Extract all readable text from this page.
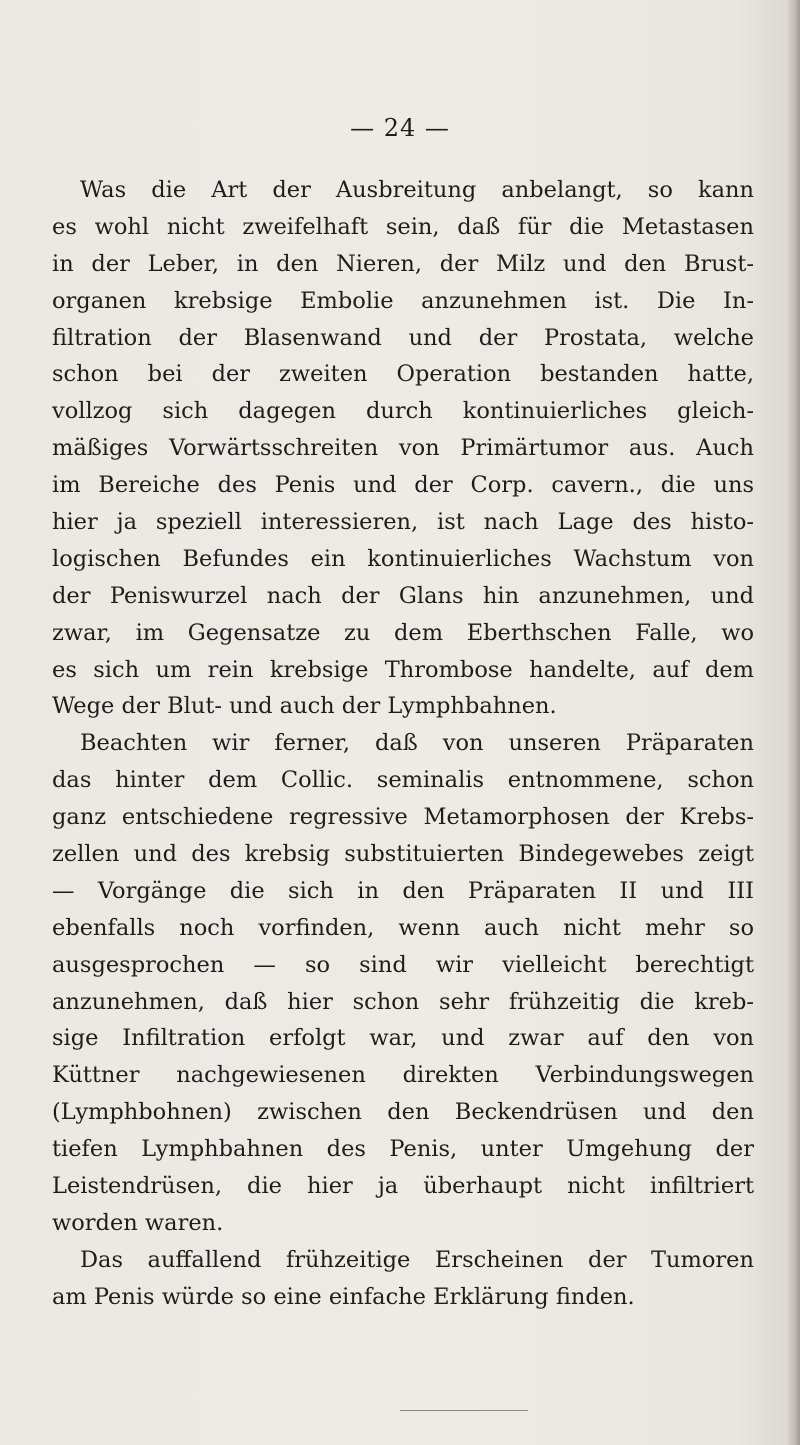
— 24 —
Was die Art der Ausbreitung anbelangt, so kann
es wohl nicht zweifelhaft sein, daß für die Metastasen
in der Leber, in den Nieren, der Milz und den Brust-
organen krebsige Embolie anzunehmen ist. Die In-
filtration der Blasenwand und der Prostata, welche
schon bei der zweiten Operation bestanden hatte,
vollzog sich dagegen durch kontinuierliches gleich-
mäßiges Vorwärtsschreiten von Primärtumor aus. Auch
im Bereiche des Penis und der Corp. cavern., die uns
hier ja speziell interessieren, ist nach Lage des histo-
logischen Befundes ein kontinuierliches Wachstum von
der Peniswurzel nach der Glans hin anzunehmen, und
zwar, im Gegensatze zu dem Eberthschen Falle, wo
es sich um rein krebsige Thrombose handelte, auf dem
Wege der Blut- und auch der Lymphbahnen.
Beachten wir ferner, daß von unseren Präparaten
das hinter dem Collic. seminalis entnommene, schon
ganz entschiedene regressive Metamorphosen der Krebs-
zellen und des krebsig substituierten Bindegewebes zeigt
— Vorgänge die sich in den Präparaten II und III
ebenfalls noch vorfinden, wenn auch nicht mehr so
ausgesprochen — so sind wir vielleicht berechtigt
anzunehmen, daß hier schon sehr frühzeitig die kreb-
sige Infiltration erfolgt war, und zwar auf den von
Küttner nachgewiesenen direkten Verbindungswegen
(Lymphbohnen) zwischen den Beckendrüsen und den
tiefen Lymphbahnen des Penis, unter Umgehung der
Leistendrüsen, die hier ja überhaupt nicht infiltriert
worden waren.
Das auffallend frühzeitige Erscheinen der Tumoren
am Penis würde so eine einfache Erklärung finden.
